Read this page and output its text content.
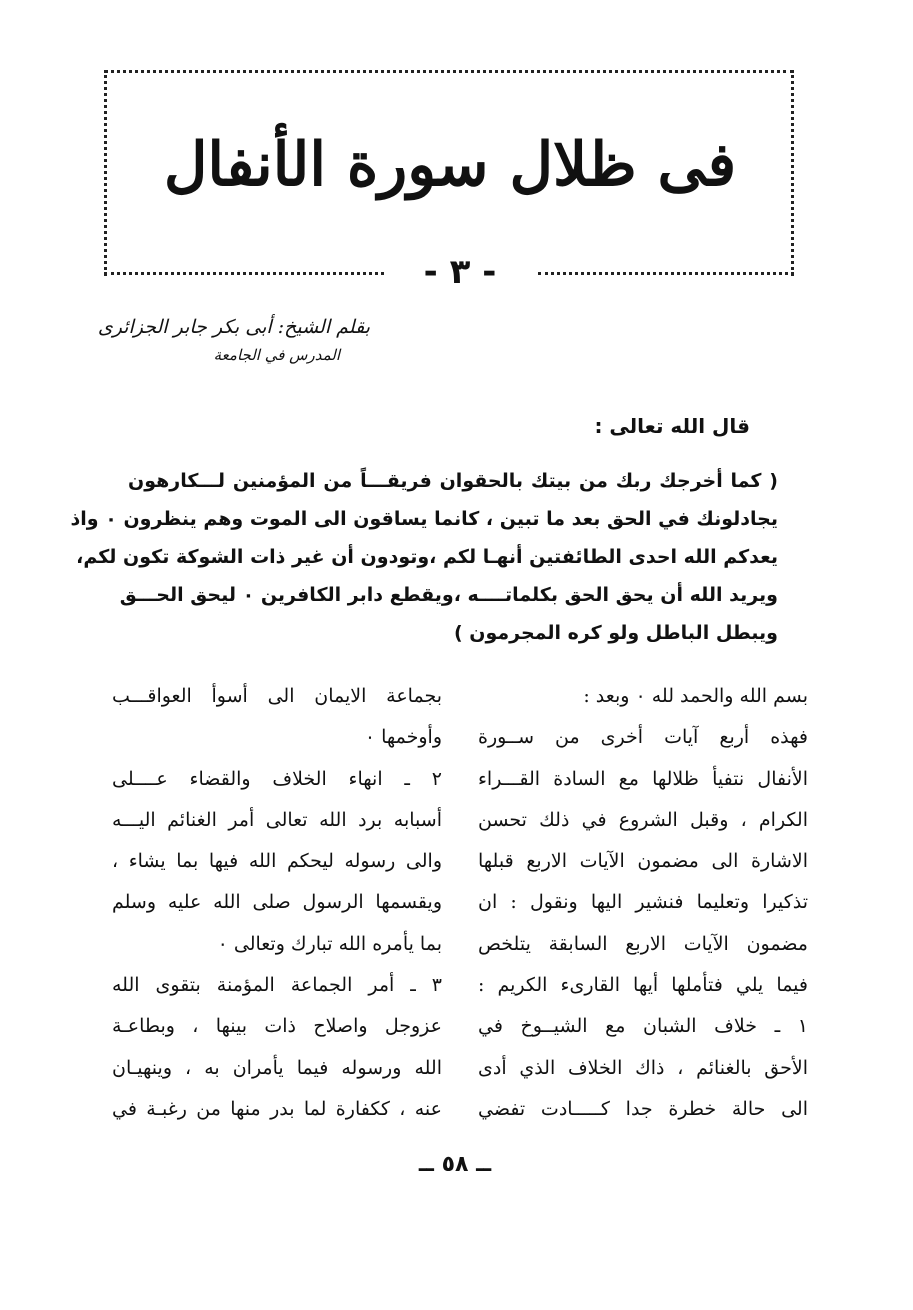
فى ظلال سورة الأنفال
- ٣ -
بقلم الشيخ: أبى بكر جابر الجزائرى
المدرس في الجامعة
قال الله تعالى :
( كما أخرجك ربك من بيتك بالحقوان فريقـــاً من المؤمنين لـــكارهون
يجادلونك في الحق بعد ما تبين ، كانما يساقون الى الموت وهم ينظرون ٠ واذ
يعدكم الله احدى الطائفتين أنهـا لكم ،وتودون أن غير ذات الشوكة تكون لكم،
ويريد الله أن يحق الحق بكلماتــــه ،ويقطع دابر الكافرين ٠ ليحق الحـــق
ويبطل الباطل ولو كره المجرمون )
بسم الله والحمد لله ٠ وبعد :
فهذه أربع آيات أخرى من ســورة
الأنفال نتفيأ ظلالها مع السادة القـــراء
الكرام ، وقبل الشروع في ذلك تحسن
الاشارة الى مضمون الآيات الاربع قبلها
تذكيرا وتعليما فنشير اليها ونقول : ان
مضمون الآيات الاربع السابقة يتلخص
فيما يلي فتأملها أيها القارىء الكريم :
١ ـ خلاف الشبان مع الشيــوخ في
الأحق بالغنائم ، ذاك الخلاف الذي أدى
الى حالة خطرة جدا كـــــادت تفضي
بجماعة الايمان الى أسوأ العواقـــب
وأوخمها ٠
٢ ـ انهاء الخلاف والقضاء عــــلى
أسبابه برد الله تعالى أمر الغنائم اليـــه
والى رسوله ليحكم الله فيها بما يشاء ،
ويقسمها الرسول صلى الله عليه وسلم
بما يأمره الله تبارك وتعالى ٠
٣ ـ أمر الجماعة المؤمنة بتقوى الله
عزوجل واصلاح ذات بينها ، وبطاعـة
الله ورسوله فيما يأمران به ، وينهيـان
عنه ، ككفارة لما بدر منها من رغبـة في
ــ ٥٨ ــ
